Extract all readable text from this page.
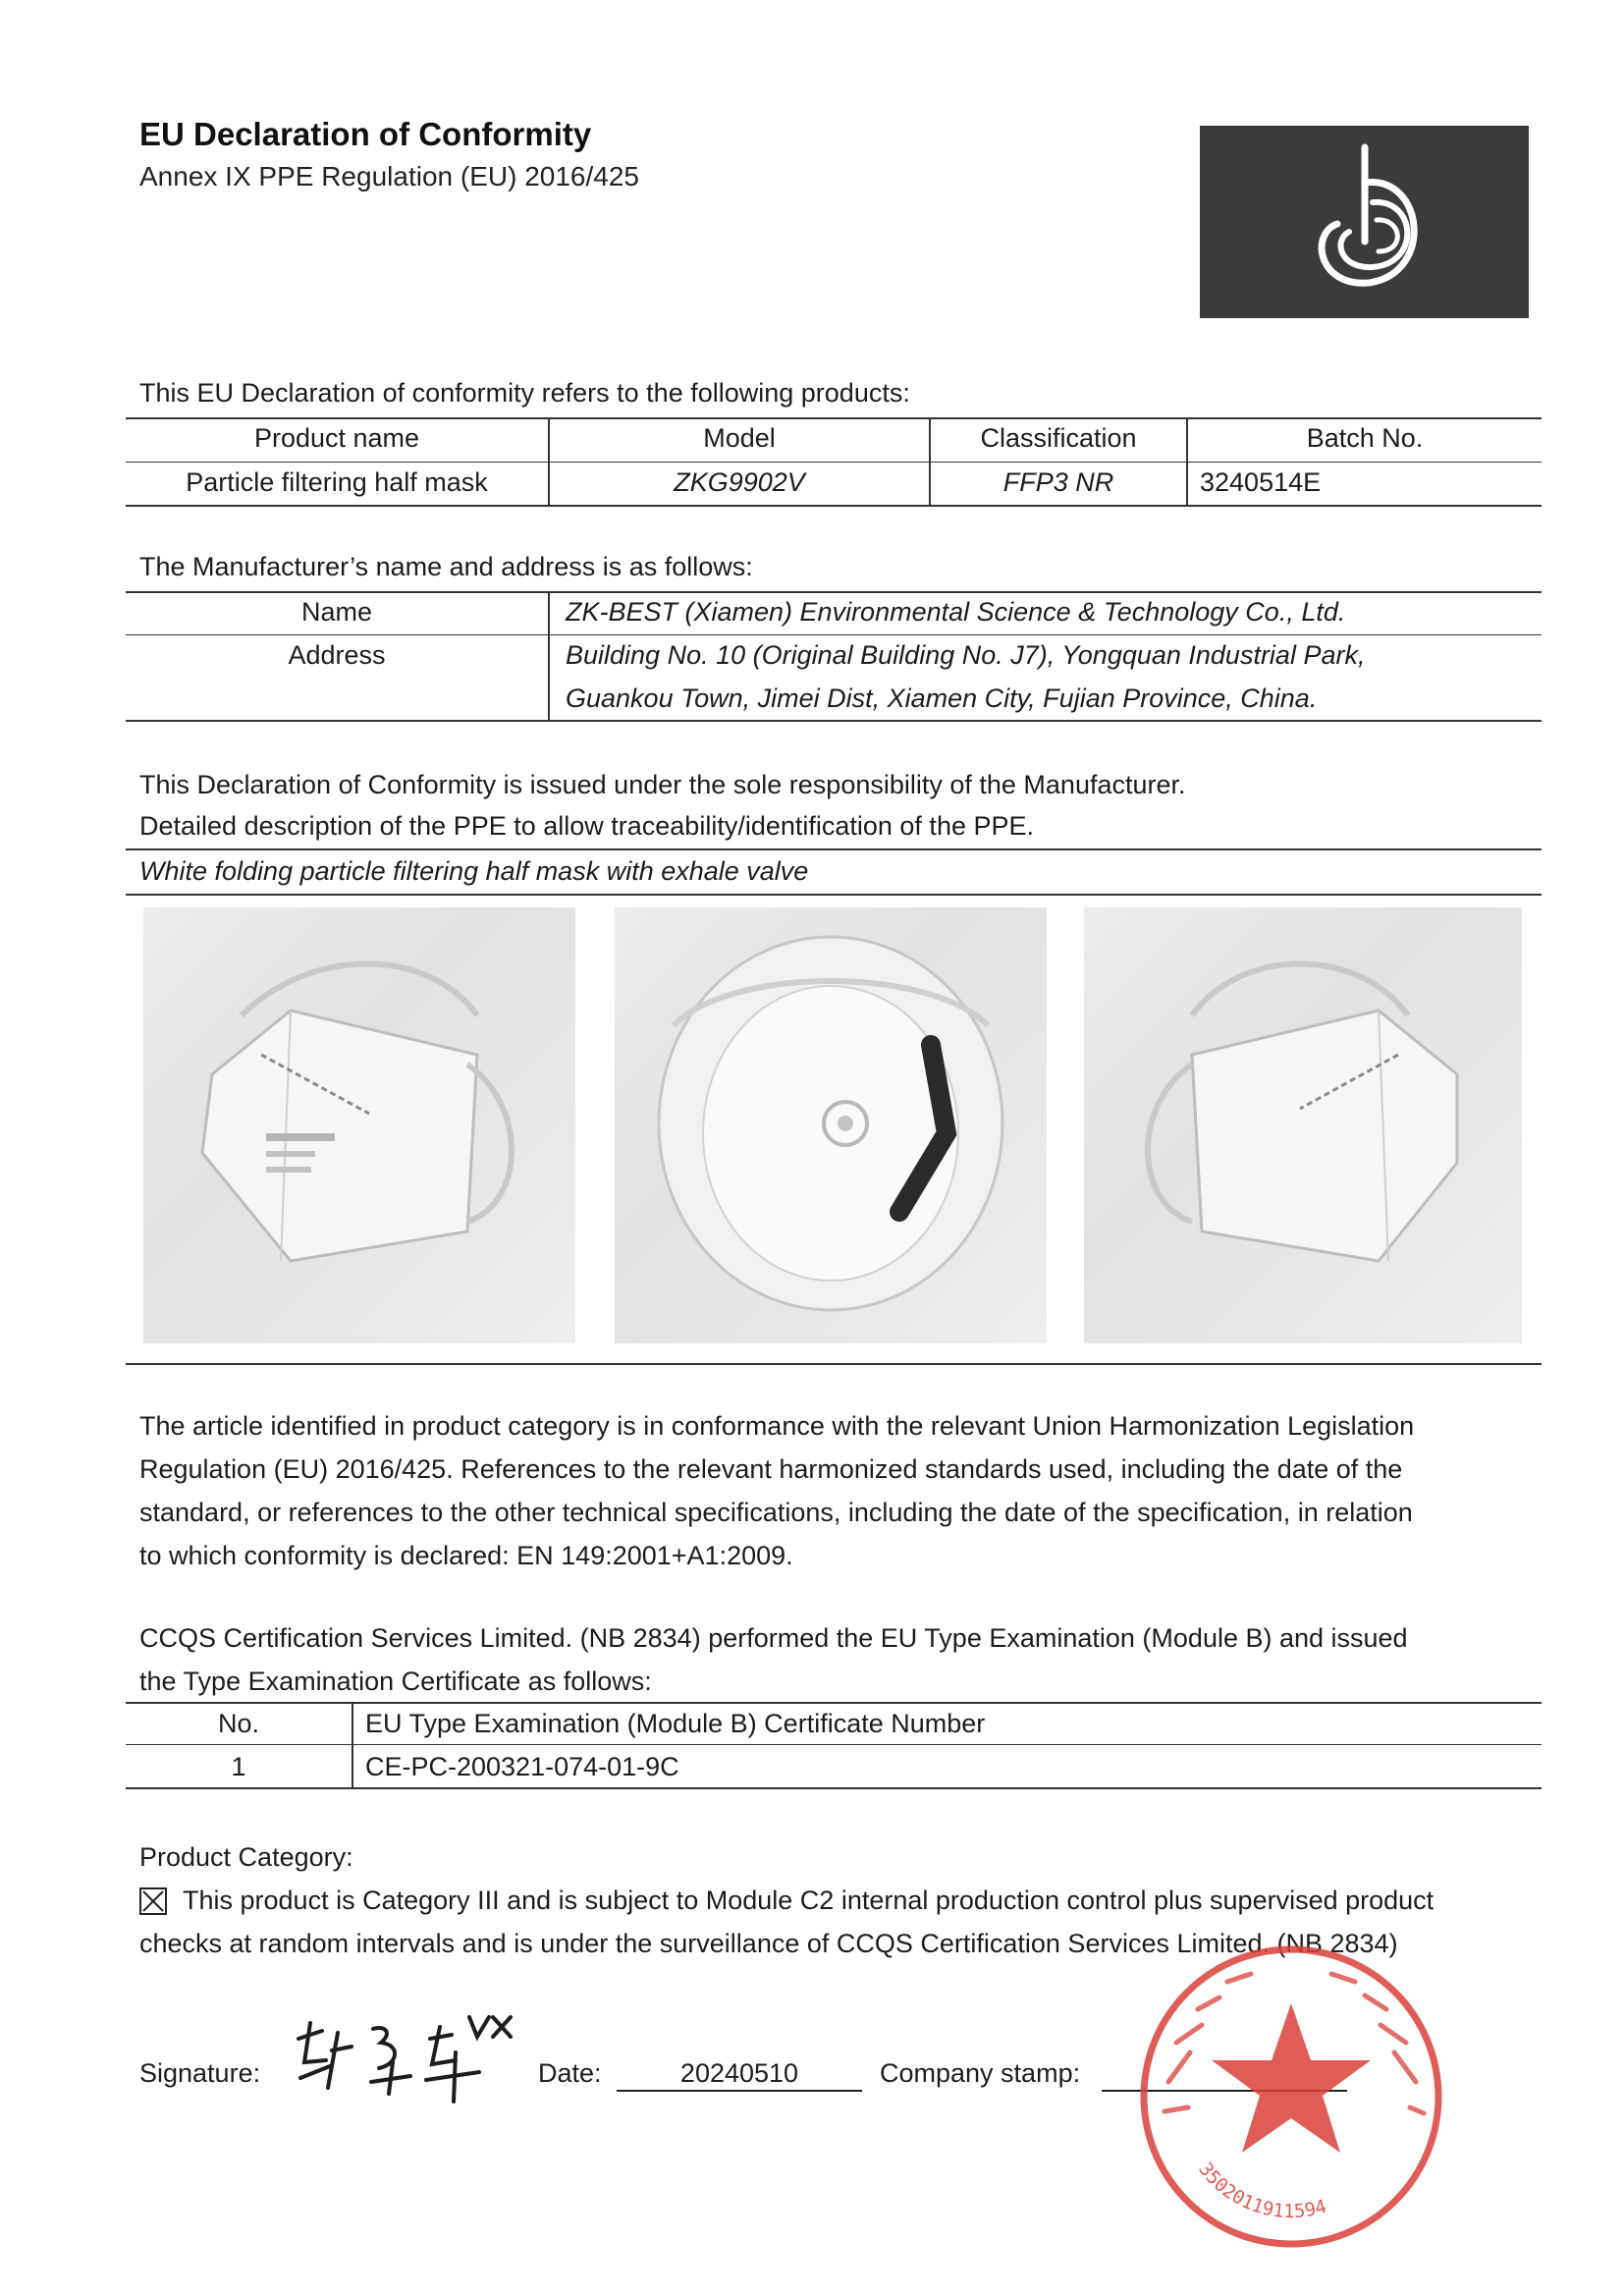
EU Declaration of Conformity
Annex IX PPE Regulation (EU) 2016/425
This EU Declaration of conformity refers to the following products:
Product name	Model	Classification	Batch No.
Particle filtering half mask	ZKG9902V	FFP3 NR	3240514E
The Manufacturer’s name and address is as follows:
Name	ZK-BEST (Xiamen) Environmental Science & Technology Co., Ltd.
Address	Building No. 10 (Original Building No. J7), Yongquan Industrial Park,
Guankou Town, Jimei Dist, Xiamen City, Fujian Province, China.
This Declaration of Conformity is issued under the sole responsibility of the Manufacturer.
Detailed description of the PPE to allow traceability/identification of the PPE.
White folding particle filtering half mask with exhale valve
The article identified in product category is in conformance with the relevant Union Harmonization Legislation
Regulation (EU) 2016/425. References to the relevant harmonized standards used, including the date of the
standard, or references to the other technical specifications, including the date of the specification, in relation
to which conformity is declared: EN 149:2001+A1:2009.
CCQS Certification Services Limited. (NB 2834) performed the EU Type Examination (Module B) and issued
the Type Examination Certificate as follows:
No.	EU Type Examination (Module B) Certificate Number
1	CE-PC-200321-074-01-9C
Product Category:
This product is Category III and is subject to Module C2 internal production control plus supervised product
checks at random intervals and is under the surveillance of CCQS Certification Services Limited. (NB 2834)
Signature:	Date:	20240510	Company stamp:
3502011911594
